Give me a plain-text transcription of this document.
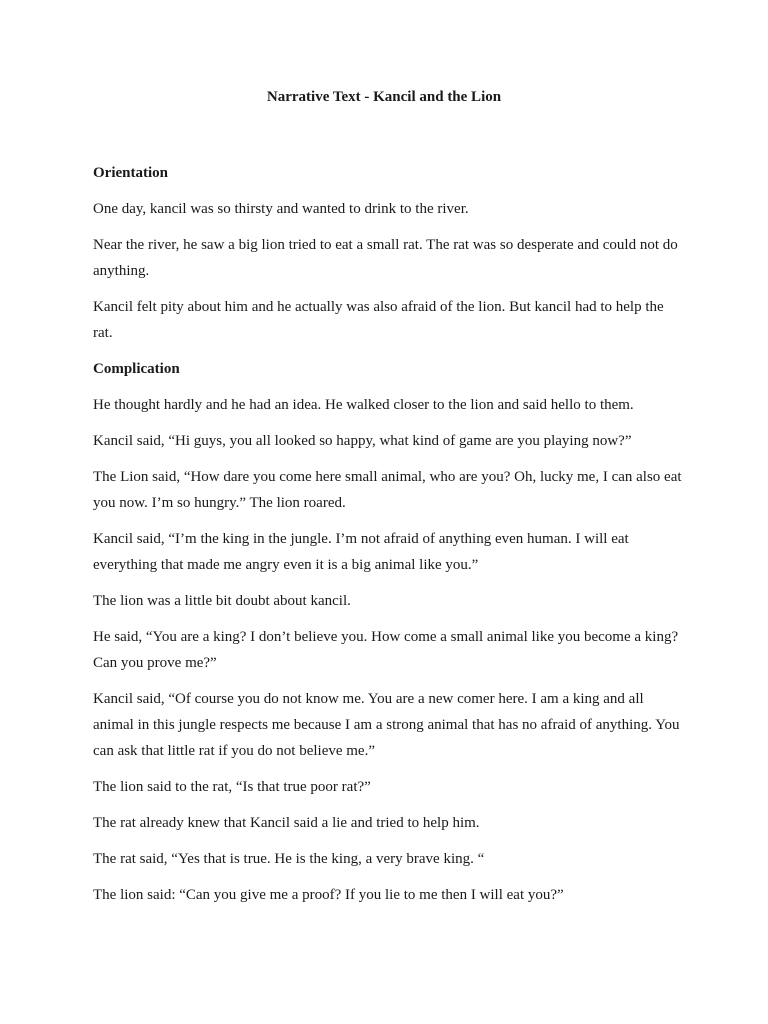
Narrative Text - Kancil and the Lion
Orientation

One day, kancil was so thirsty and wanted to drink to the river.

Near the river, he saw a big lion tried to eat a small rat. The rat was so desperate and could not do anything.

Kancil felt pity about him and he actually was also afraid of the lion. But kancil had to help the rat.

Complication

He thought hardly and he had an idea. He walked closer to the lion and said hello to them.

Kancil said, “Hi guys, you all looked so happy, what kind of game are you playing now?”

The Lion said, “How dare you come here small animal, who are you? Oh, lucky me, I can also eat you now. I’m so hungry.” The lion roared.

Kancil said, “I’m the king in the jungle. I’m not afraid of anything even human. I will eat everything that made me angry even it is a big animal like you.”

The lion was a little bit doubt about kancil.

He said, “You are a king? I don’t believe you. How come a small animal like you become a king? Can you prove me?”

Kancil said, “Of course you do not know me. You are a new comer here. I am a king and all animal in this jungle respects me because I am a strong animal that has no afraid of anything. You can ask that little rat if you do not believe me.”

The lion said to the rat, “Is that true poor rat?”

The rat already knew that Kancil said a lie and tried to help him.

The rat said, “Yes that is true. He is the king, a very brave king. “

The lion said: “Can you give me a proof? If you lie to me then I will eat you?”
